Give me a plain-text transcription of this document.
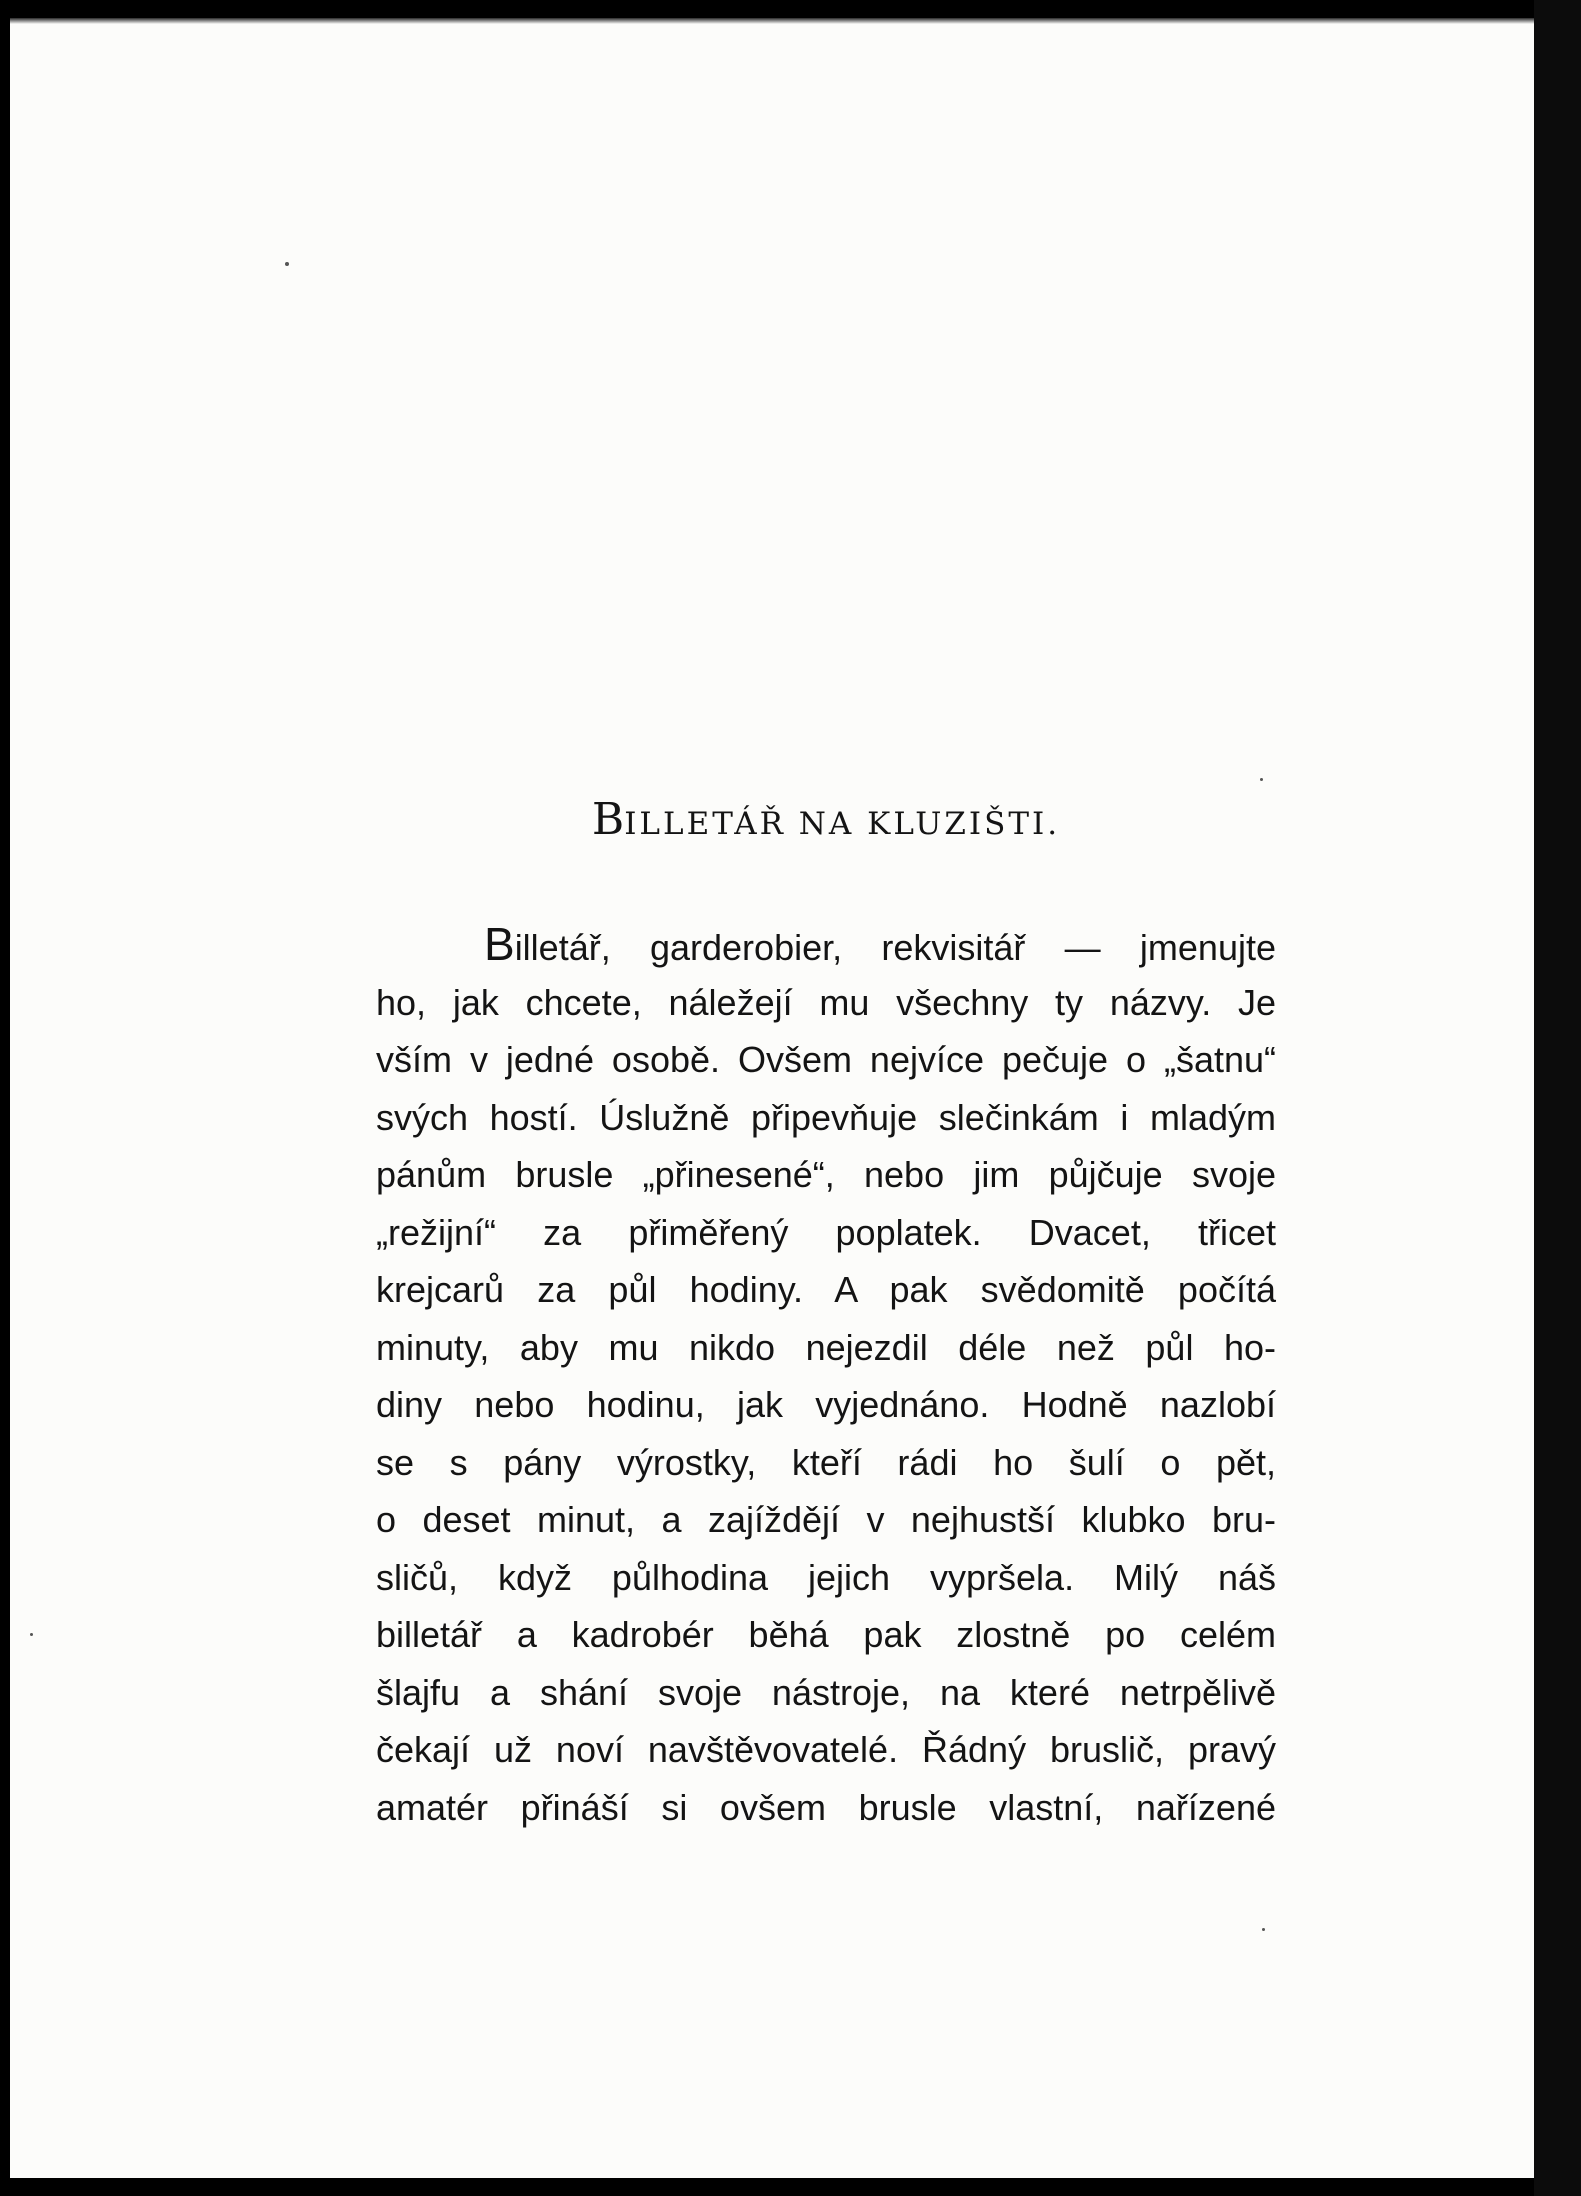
BILLETÁŘ NA KLUZIŠTI.
Billetář, garderobier, rekvisitář — jmenujte
ho, jak chcete, náležejí mu všechny ty názvy. Je
vším v jedné osobě. Ovšem nejvíce pečuje o „šatnu“
svých hostí. Úslužně připevňuje slečinkám i mladým
pánům brusle „přinesené“, nebo jim půjčuje svoje
„režijní“ za přiměřený poplatek. Dvacet, třicet
krejcarů za půl hodiny. A pak svědomitě počítá
minuty, aby mu nikdo nejezdil déle než půl ho-
diny nebo hodinu, jak vyjednáno. Hodně nazlobí
se s pány výrostky, kteří rádi ho šulí o pět,
o deset minut, a zajíždějí v nejhustší klubko bru-
sličů, když půlhodina jejich vypršela. Milý náš
billetář a kadrobér běhá pak zlostně po celém
šlajfu a shání svoje nástroje, na které netrpělivě
čekají už noví navštěvovatelé. Řádný bruslič, pravý
amatér přináší si ovšem brusle vlastní, nařízené
